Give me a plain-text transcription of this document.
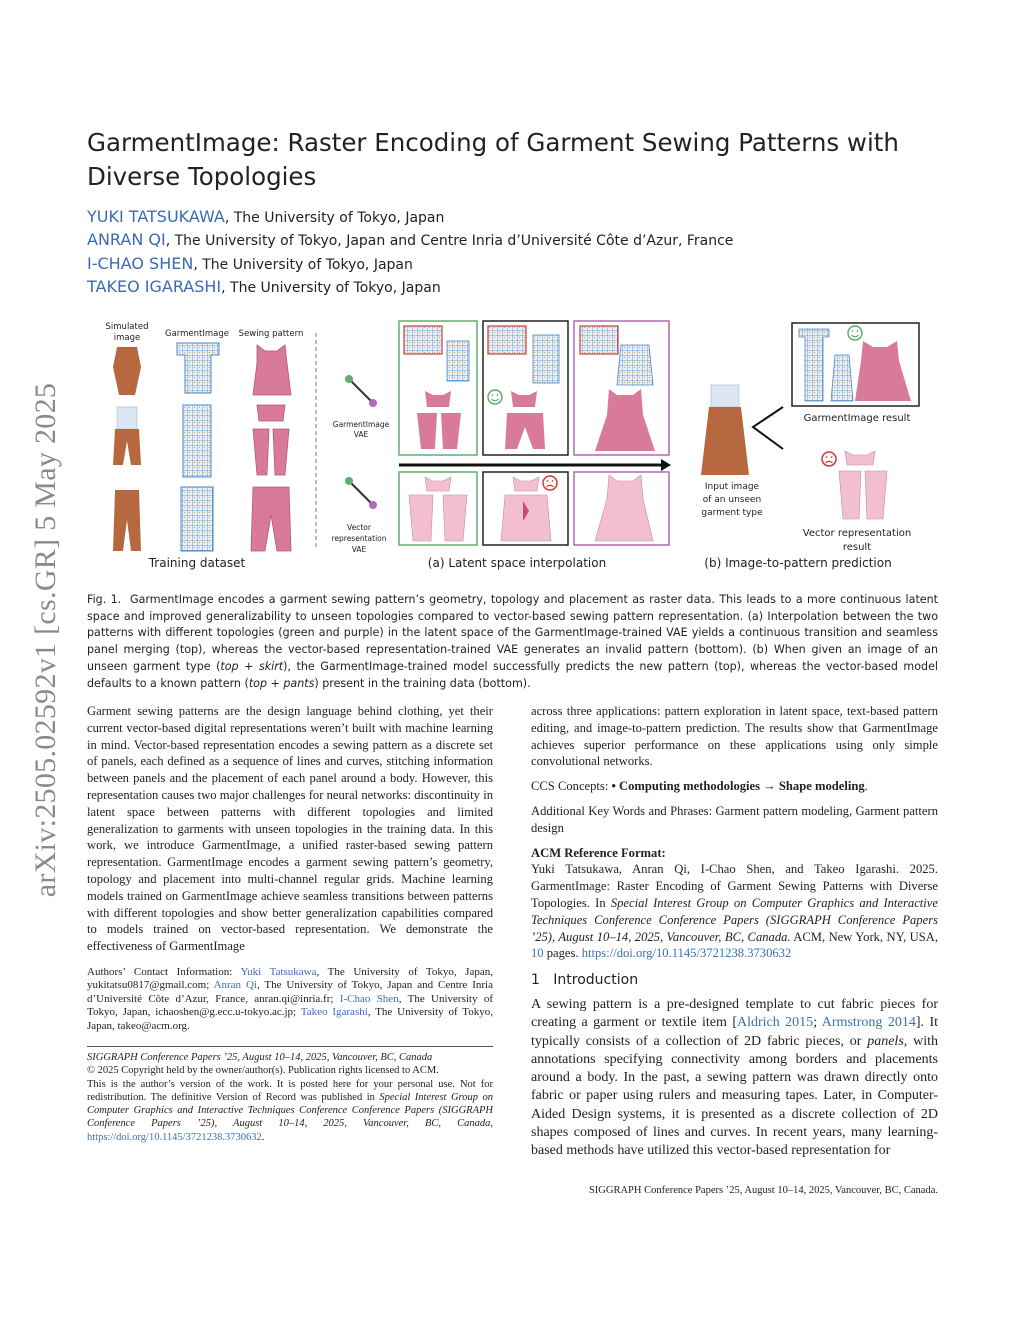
arXiv:2505.02592v1 [cs.GR] 5 May 2025
GarmentImage: Raster Encoding of Garment Sewing Patterns with Diverse Topologies
YUKI TATSUKAWA, The University of Tokyo, Japan
ANRAN QI, The University of Tokyo, Japan and Centre Inria d’Université Côte d’Azur, France
I-CHAO SHEN, The University of Tokyo, Japan
TAKEO IGARASHI, The University of Tokyo, Japan
Simulated
image	GarmentImage Sewing pattern
GarmentImage
VAE
Vector
representation
VAE
Input image
of an unseen
garment type
GarmentImage result
Vector representation
result
Training dataset	(a) Latent space interpolation	(b) Image-to-pattern prediction

Fig. 1. GarmentImage encodes a garment sewing pattern’s geometry, topology and placement as raster data. This leads to a more continuous latent space and improved generalizability to unseen topologies compared to vector-based sewing pattern representation. (a) Interpolation between the two patterns with different topologies (green and purple) in the latent space of the GarmentImage-trained VAE yields a continuous transition and seamless panel merging (top), whereas the vector-based representation-trained VAE generates an invalid pattern (bottom). (b) When given an image of an unseen garment type (top + skirt), the GarmentImage-trained model successfully predicts the new pattern (top), whereas the vector-based model defaults to a known pattern (top + pants) present in the training data (bottom).

Garment sewing patterns are the design language behind clothing, yet their current vector-based digital representations weren’t built with machine learning in mind. Vector-based representation encodes a sewing pattern as a discrete set of panels, each defined as a sequence of lines and curves, stitching information between panels and the placement of each panel around a body. However, this representation causes two major challenges for neural networks: discontinuity in latent space between patterns with different topologies and limited generalization to garments with unseen topologies in the training data. In this work, we introduce GarmentImage, a unified raster-based sewing pattern representation. GarmentImage encodes a garment sewing pattern’s geometry, topology and placement into multi-channel regular grids. Machine learning models trained on GarmentImage achieve seamless transitions between patterns with different topologies and show better generalization capabilities compared to models trained on vector-based representation. We demonstrate the effectiveness of GarmentImage

across three applications: pattern exploration in latent space, text-based pattern editing, and image-to-pattern prediction. The results show that GarmentImage achieves superior performance on these applications using only simple convolutional networks.

CCS Concepts: • Computing methodologies → Shape modeling.

Additional Key Words and Phrases: Garment pattern modeling, Garment pattern design

ACM Reference Format:

Yuki Tatsukawa, Anran Qi, I-Chao Shen, and Takeo Igarashi. 2025. GarmentImage: Raster Encoding of Garment Sewing Patterns with Diverse Topologies. In Special Interest Group on Computer Graphics and Interactive Techniques Conference Conference Papers (SIGGRAPH Conference Papers ’25), August 10–14, 2025, Vancouver, BC, Canada. ACM, New York, NY, USA, 10 pages. https://doi.org/10.1145/3721238.3730632

Authors’ Contact Information: Yuki Tatsukawa, The University of Tokyo, Japan, yukitatsu0817@gmail.com; Anran Qi, The University of Tokyo, Japan and Centre Inria d’Université Côte d’Azur, France, anran.qi@inria.fr; I-Chao Shen, The University of Tokyo, Japan, ichaoshen@g.ecc.u-tokyo.ac.jp; Takeo Igarashi, The University of Tokyo, Japan, takeo@acm.org.
SIGGRAPH Conference Papers ’25, August 10–14, 2025, Vancouver, BC, Canada
© 2025 Copyright held by the owner/author(s). Publication rights licensed to ACM.
This is the author’s version of the work. It is posted here for your personal use. Not for redistribution. The definitive Version of Record was published in Special Interest Group on Computer Graphics and Interactive Techniques Conference Conference Papers (SIGGRAPH Conference Papers ’25), August 10–14, 2025, Vancouver, BC, Canada, https://doi.org/10.1145/3721238.3730632.
1 Introduction
A sewing pattern is a pre-designed template to cut fabric pieces for creating a garment or textile item [Aldrich 2015; Armstrong 2014]. It typically consists of a collection of 2D fabric pieces, or panels, with annotations specifying connectivity among borders and placements around a body. In the past, a sewing pattern was drawn directly onto fabric or paper using rulers and measuring tapes. Later, in Computer-Aided Design systems, it is presented as a discrete collection of 2D shapes composed of lines and curves. In recent years, many learning-based methods have utilized this vector-based representation for
SIGGRAPH Conference Papers ’25, August 10–14, 2025, Vancouver, BC, Canada.
